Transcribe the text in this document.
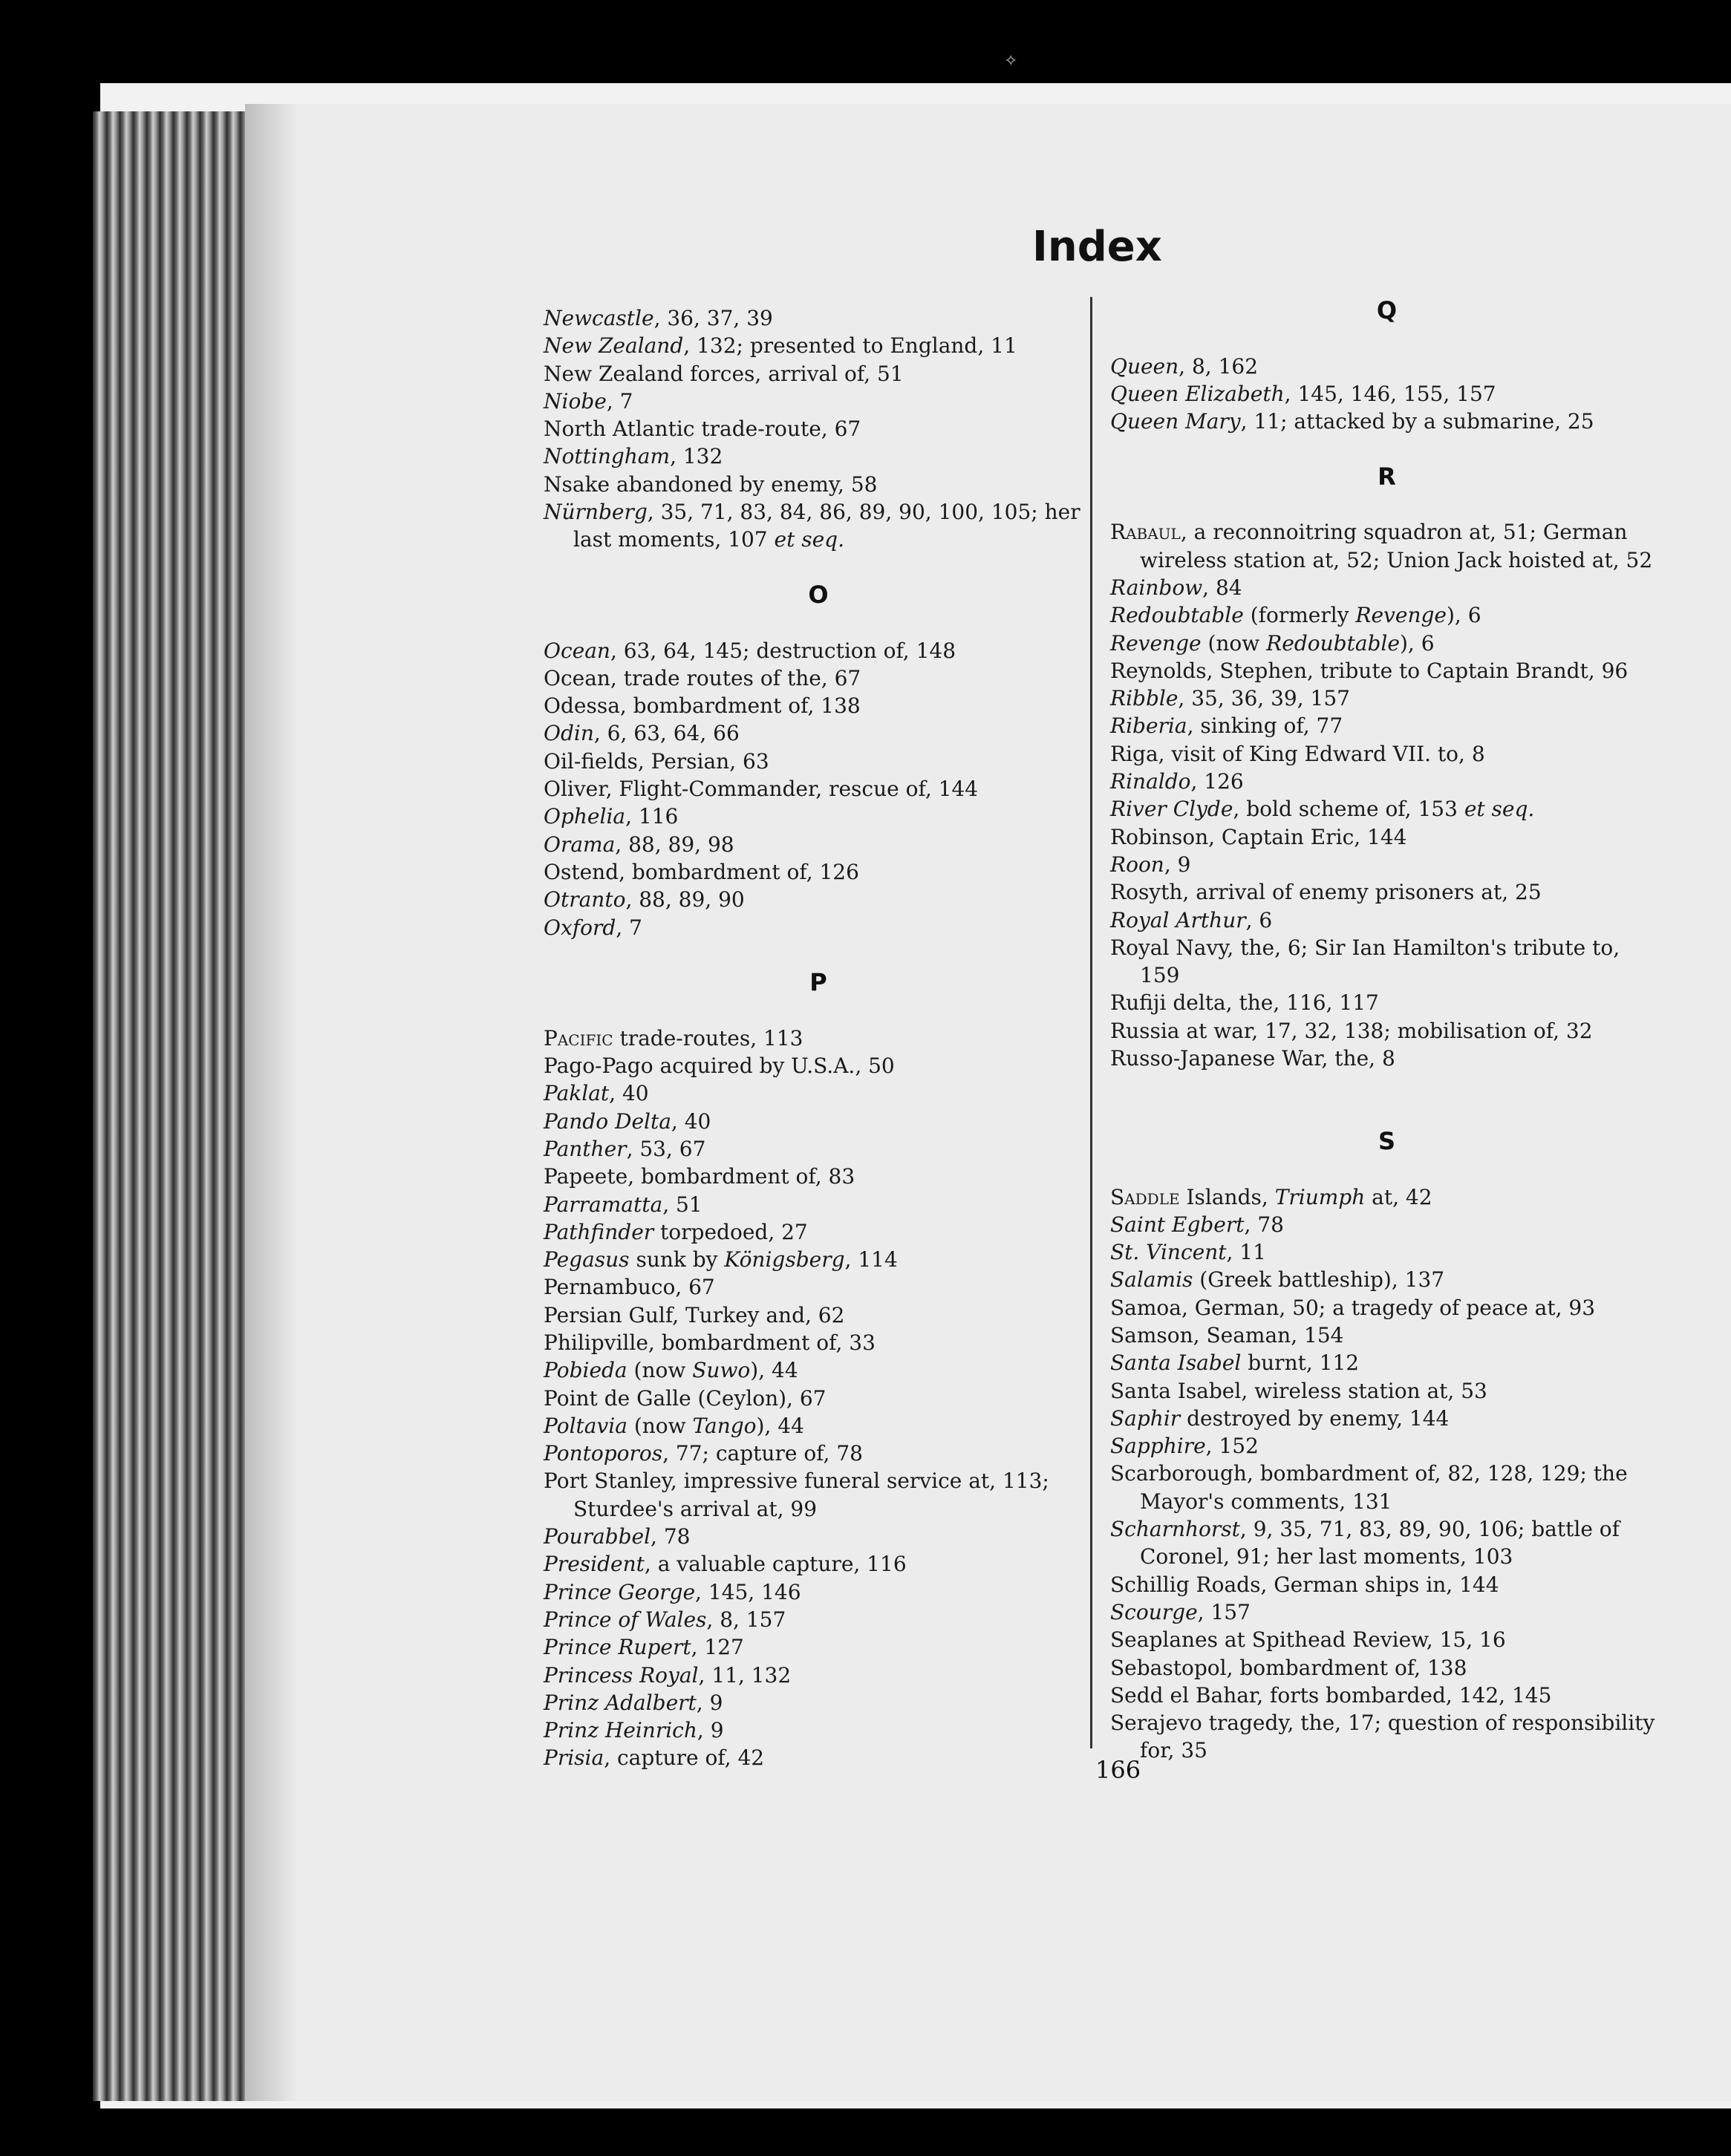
✧
Index
Newcastle, 36, 37, 39
New Zealand, 132; presented to England, 11
New Zealand forces, arrival of, 51
Niobe, 7
North Atlantic trade-route, 67
Nottingham, 132
Nsake abandoned by enemy, 58
Nürnberg, 35, 71, 83, 84, 86, 89, 90, 100, 105; her last moments, 107 et seq.

O

Ocean, 63, 64, 145; destruction of, 148
Ocean, trade routes of the, 67
Odessa, bombardment of, 138
Odin, 6, 63, 64, 66
Oil-fields, Persian, 63
Oliver, Flight-Commander, rescue of, 144
Ophelia, 116
Orama, 88, 89, 98
Ostend, bombardment of, 126
Otranto, 88, 89, 90
Oxford, 7

P

Pacific trade-routes, 113
Pago-Pago acquired by U.S.A., 50
Paklat, 40
Pando Delta, 40
Panther, 53, 67
Papeete, bombardment of, 83
Parramatta, 51
Pathfinder torpedoed, 27
Pegasus sunk by Königsberg, 114
Pernambuco, 67
Persian Gulf, Turkey and, 62
Philipville, bombardment of, 33
Pobieda (now Suwo), 44
Point de Galle (Ceylon), 67
Poltavia (now Tango), 44
Pontoporos, 77; capture of, 78
Port Stanley, impressive funeral service at, 113; Sturdee's arrival at, 99
Pourabbel, 78
President, a valuable capture, 116
Prince George, 145, 146
Prince of Wales, 8, 157
Prince Rupert, 127
Princess Royal, 11, 132
Prinz Adalbert, 9
Prinz Heinrich, 9
Prisia, capture of, 42
Q

Queen, 8, 162
Queen Elizabeth, 145, 146, 155, 157
Queen Mary, 11; attacked by a submarine, 25

R

Rabaul, a reconnoitring squadron at, 51; German wireless station at, 52; Union Jack hoisted at, 52
Rainbow, 84
Redoubtable (formerly Revenge), 6
Revenge (now Redoubtable), 6
Reynolds, Stephen, tribute to Captain Brandt, 96
Ribble, 35, 36, 39, 157
Riberia, sinking of, 77
Riga, visit of King Edward VII. to, 8
Rinaldo, 126
River Clyde, bold scheme of, 153 et seq.
Robinson, Captain Eric, 144
Roon, 9
Rosyth, arrival of enemy prisoners at, 25
Royal Arthur, 6
Royal Navy, the, 6; Sir Ian Hamilton's tribute to, 159
Rufiji delta, the, 116, 117
Russia at war, 17, 32, 138; mobilisation of, 32
Russo-Japanese War, the, 8

S

Saddle Islands, Triumph at, 42
Saint Egbert, 78
St. Vincent, 11
Salamis (Greek battleship), 137
Samoa, German, 50; a tragedy of peace at, 93
Samson, Seaman, 154
Santa Isabel burnt, 112
Santa Isabel, wireless station at, 53
Saphir destroyed by enemy, 144
Sapphire, 152
Scarborough, bombardment of, 82, 128, 129; the Mayor's comments, 131
Scharnhorst, 9, 35, 71, 83, 89, 90, 106; battle of Coronel, 91; her last moments, 103
Schillig Roads, German ships in, 144
Scourge, 157
Seaplanes at Spithead Review, 15, 16
Sebastopol, bombardment of, 138
Sedd el Bahar, forts bombarded, 142, 145
Serajevo tragedy, the, 17; question of responsibility for, 35
166
